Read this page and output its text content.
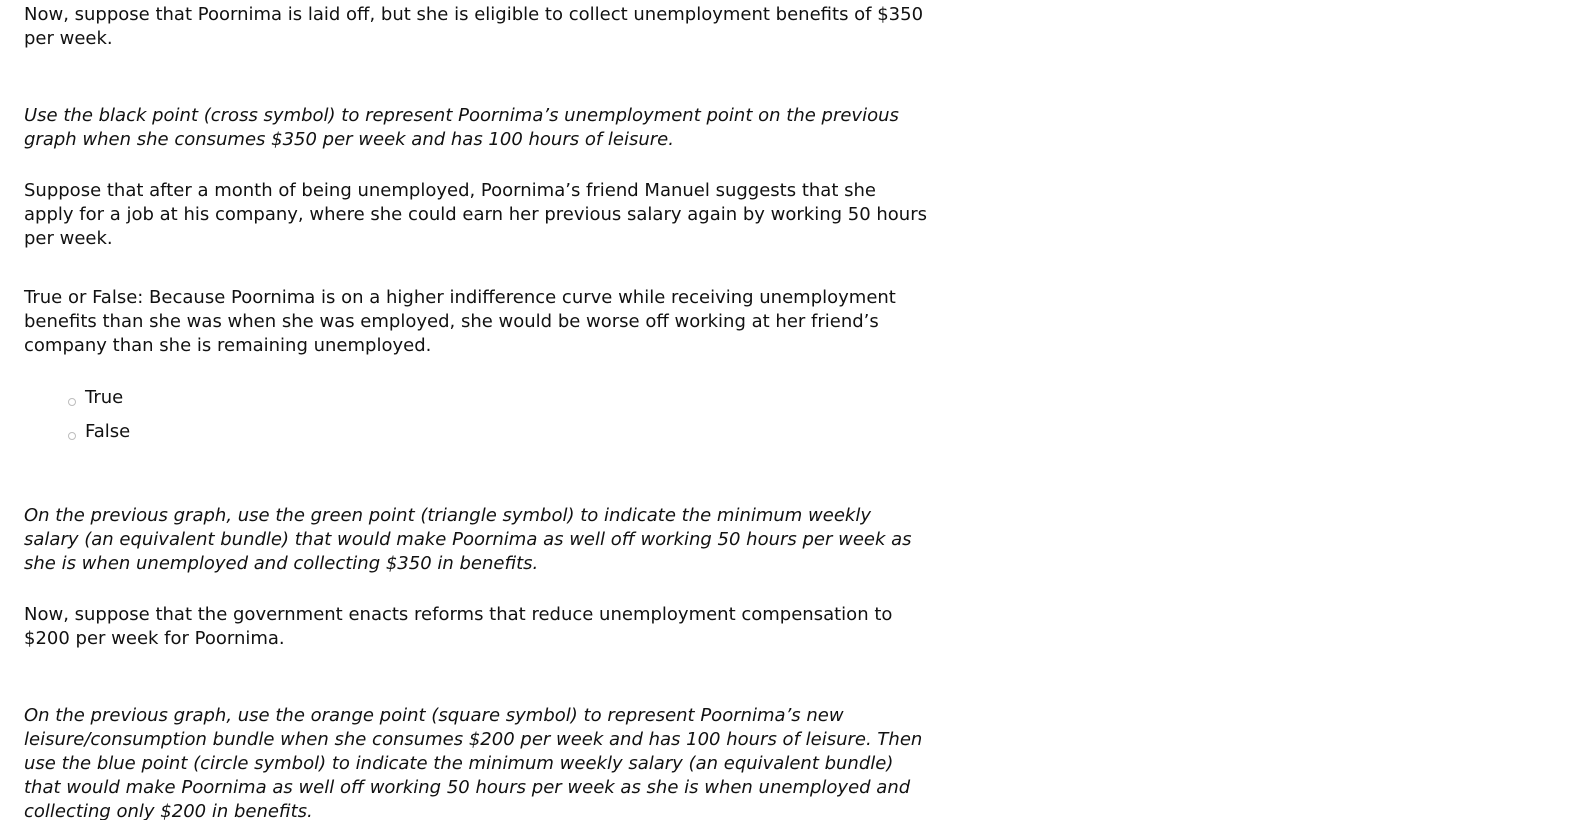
Now, suppose that Poornima is laid off, but she is eligible to collect unemployment benefits of $350 per week.

Use the black point (cross symbol) to represent Poornima’s unemployment point on the previous graph when she consumes $350 per week and has 100 hours of leisure.

Suppose that after a month of being unemployed, Poornima’s friend Manuel suggests that she apply for a job at his company, where she could earn her previous salary again by working 50 hours per week.

True or False: Because Poornima is on a higher indifference curve while receiving unemployment benefits than she was when she was employed, she would be worse off working at her friend’s company than she is remaining unemployed.

True
False

On the previous graph, use the green point (triangle symbol) to indicate the minimum weekly salary (an equivalent bundle) that would make Poornima as well off working 50 hours per week as she is when unemployed and collecting $350 in benefits.

Now, suppose that the government enacts reforms that reduce unemployment compensation to $200 per week for Poornima.

On the previous graph, use the orange point (square symbol) to represent Poornima’s new leisure/consumption bundle when she consumes $200 per week and has 100 hours of leisure. Then use the blue point (circle symbol) to indicate the minimum weekly salary (an equivalent bundle) that would make Poornima as well off working 50 hours per week as she is when unemployed and collecting only $200 in benefits.
